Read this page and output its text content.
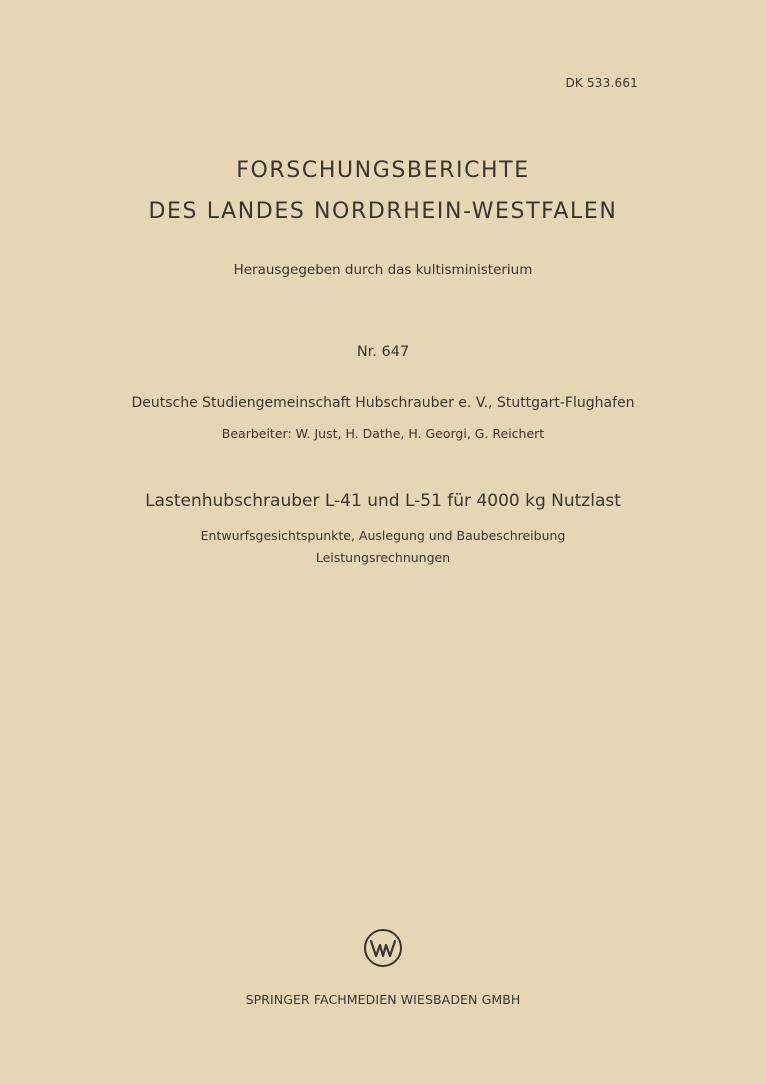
DK 533.661
FORSCHUNGSBERICHTE
DES LANDES NORDRHEIN-WESTFALEN
Herausgegeben durch das kultisministerium
Nr. 647
Deutsche Studiengemeinschaft Hubschrauber e. V., Stuttgart-Flughafen
Bearbeiter: W. Just, H. Dathe, H. Georgi, G. Reichert
Lastenhubschrauber L-41 und L-51 für 4000 kg Nutzlast
Entwurfsgesichtspunkte, Auslegung und Baubeschreibung
Leistungsrechnungen
SPRINGER FACHMEDIEN WIESBADEN GMBH
